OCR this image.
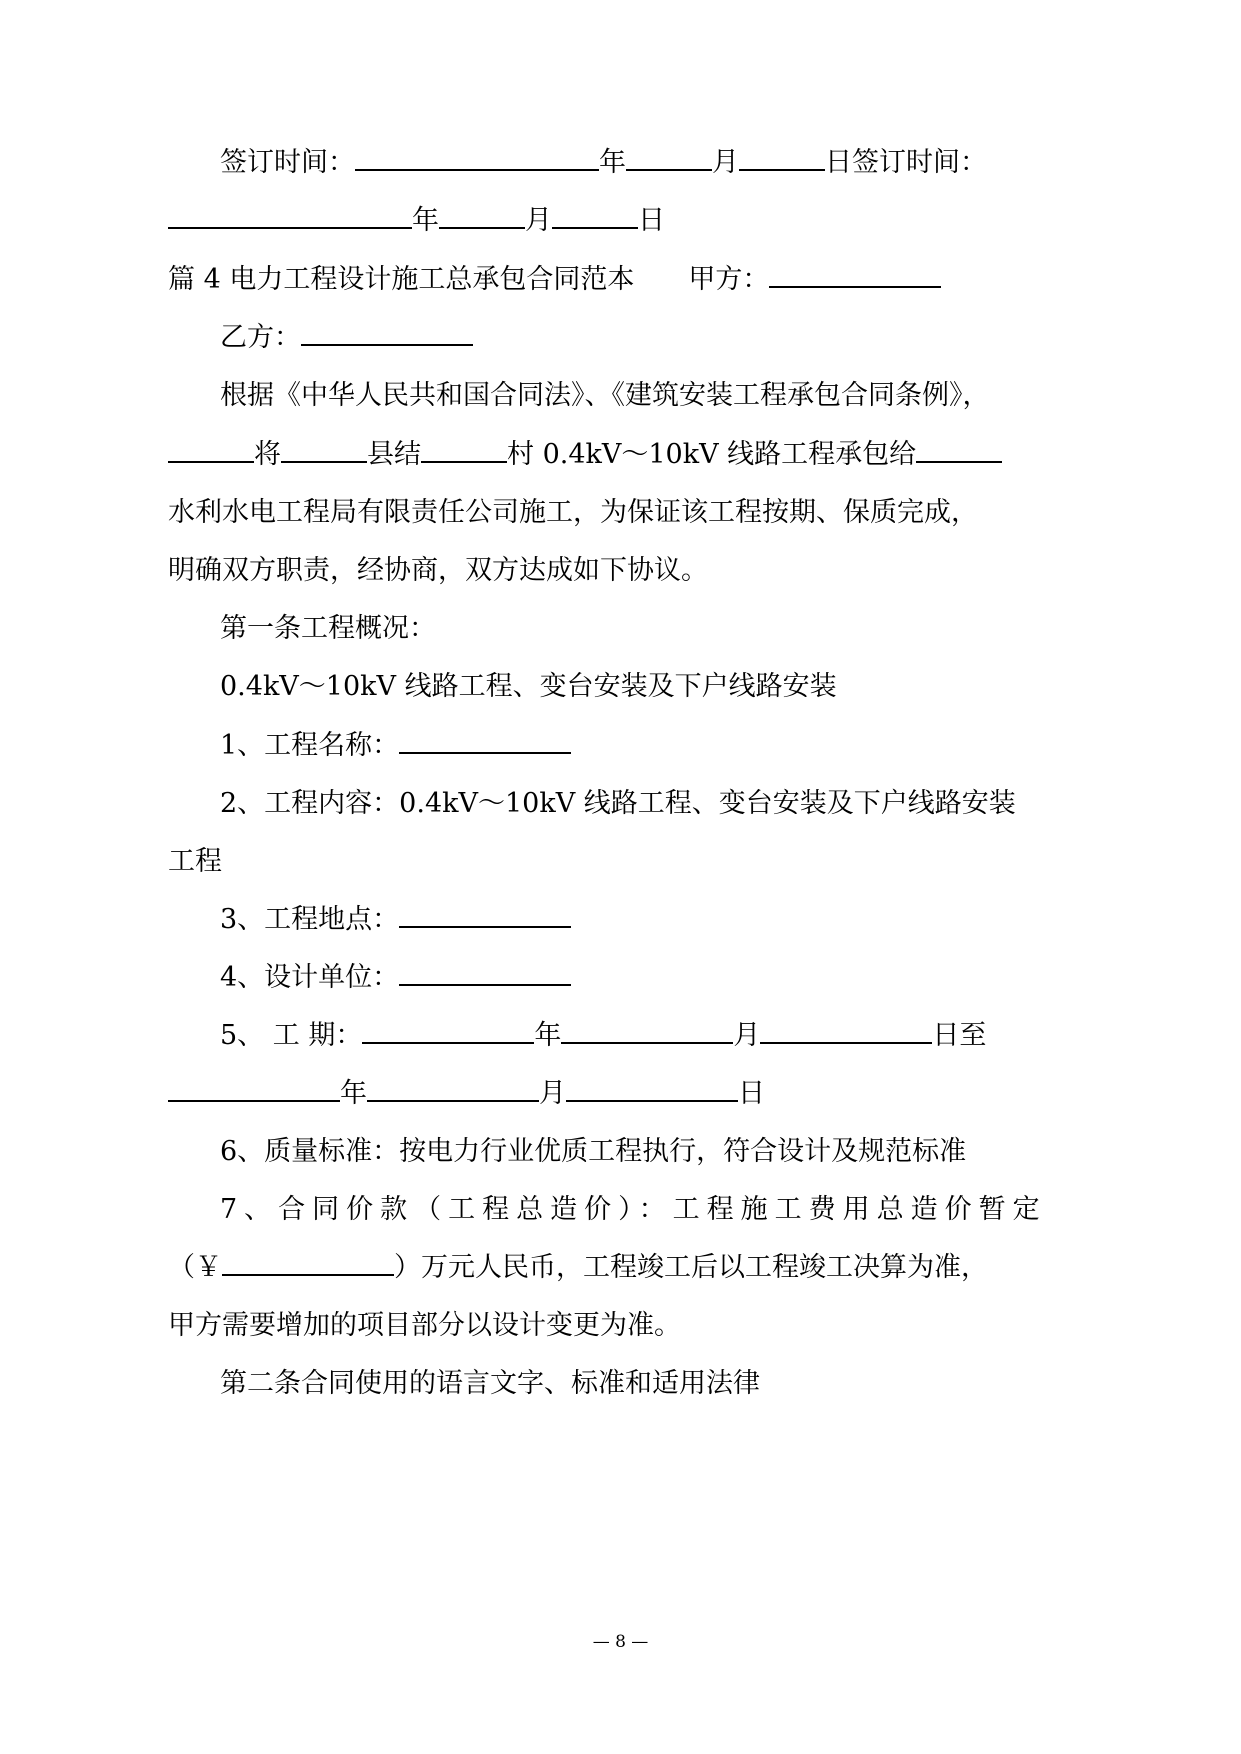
签订时间：	年	月	日签订时间：
年	月	日
篇 4 电力工程设计施工总承包合同范本 甲方：
乙方：
根据《中华人民共和国合同法》、《建筑安装工程承包合同条例》，
将	县结	村 0.4kV～10kV 线路工程承包给
水利水电工程局有限责任公司施工，为保证该工程按期、保质完成，
明确双方职责，经协商，双方达成如下协议。
第一条工程概况：
0.4kV～10kV 线路工程、变台安装及下户线路安装
1、工程名称：
2、工程内容：0.4kV～10kV 线路工程、变台安装及下户线路安装
工程
3、工程地点：
4、设计单位：
5、 工 期：	年	月	日至
年	月	日
6、质量标准：按电力行业优质工程执行，符合设计及规范标准
7、合同价款（工程总造价）：工程施工费用总造价暂定
（￥	）万元人民币，工程竣工后以工程竣工决算为准，
甲方需要增加的项目部分以设计变更为准。
第二条合同使用的语言文字、标准和适用法律
— 8 —
